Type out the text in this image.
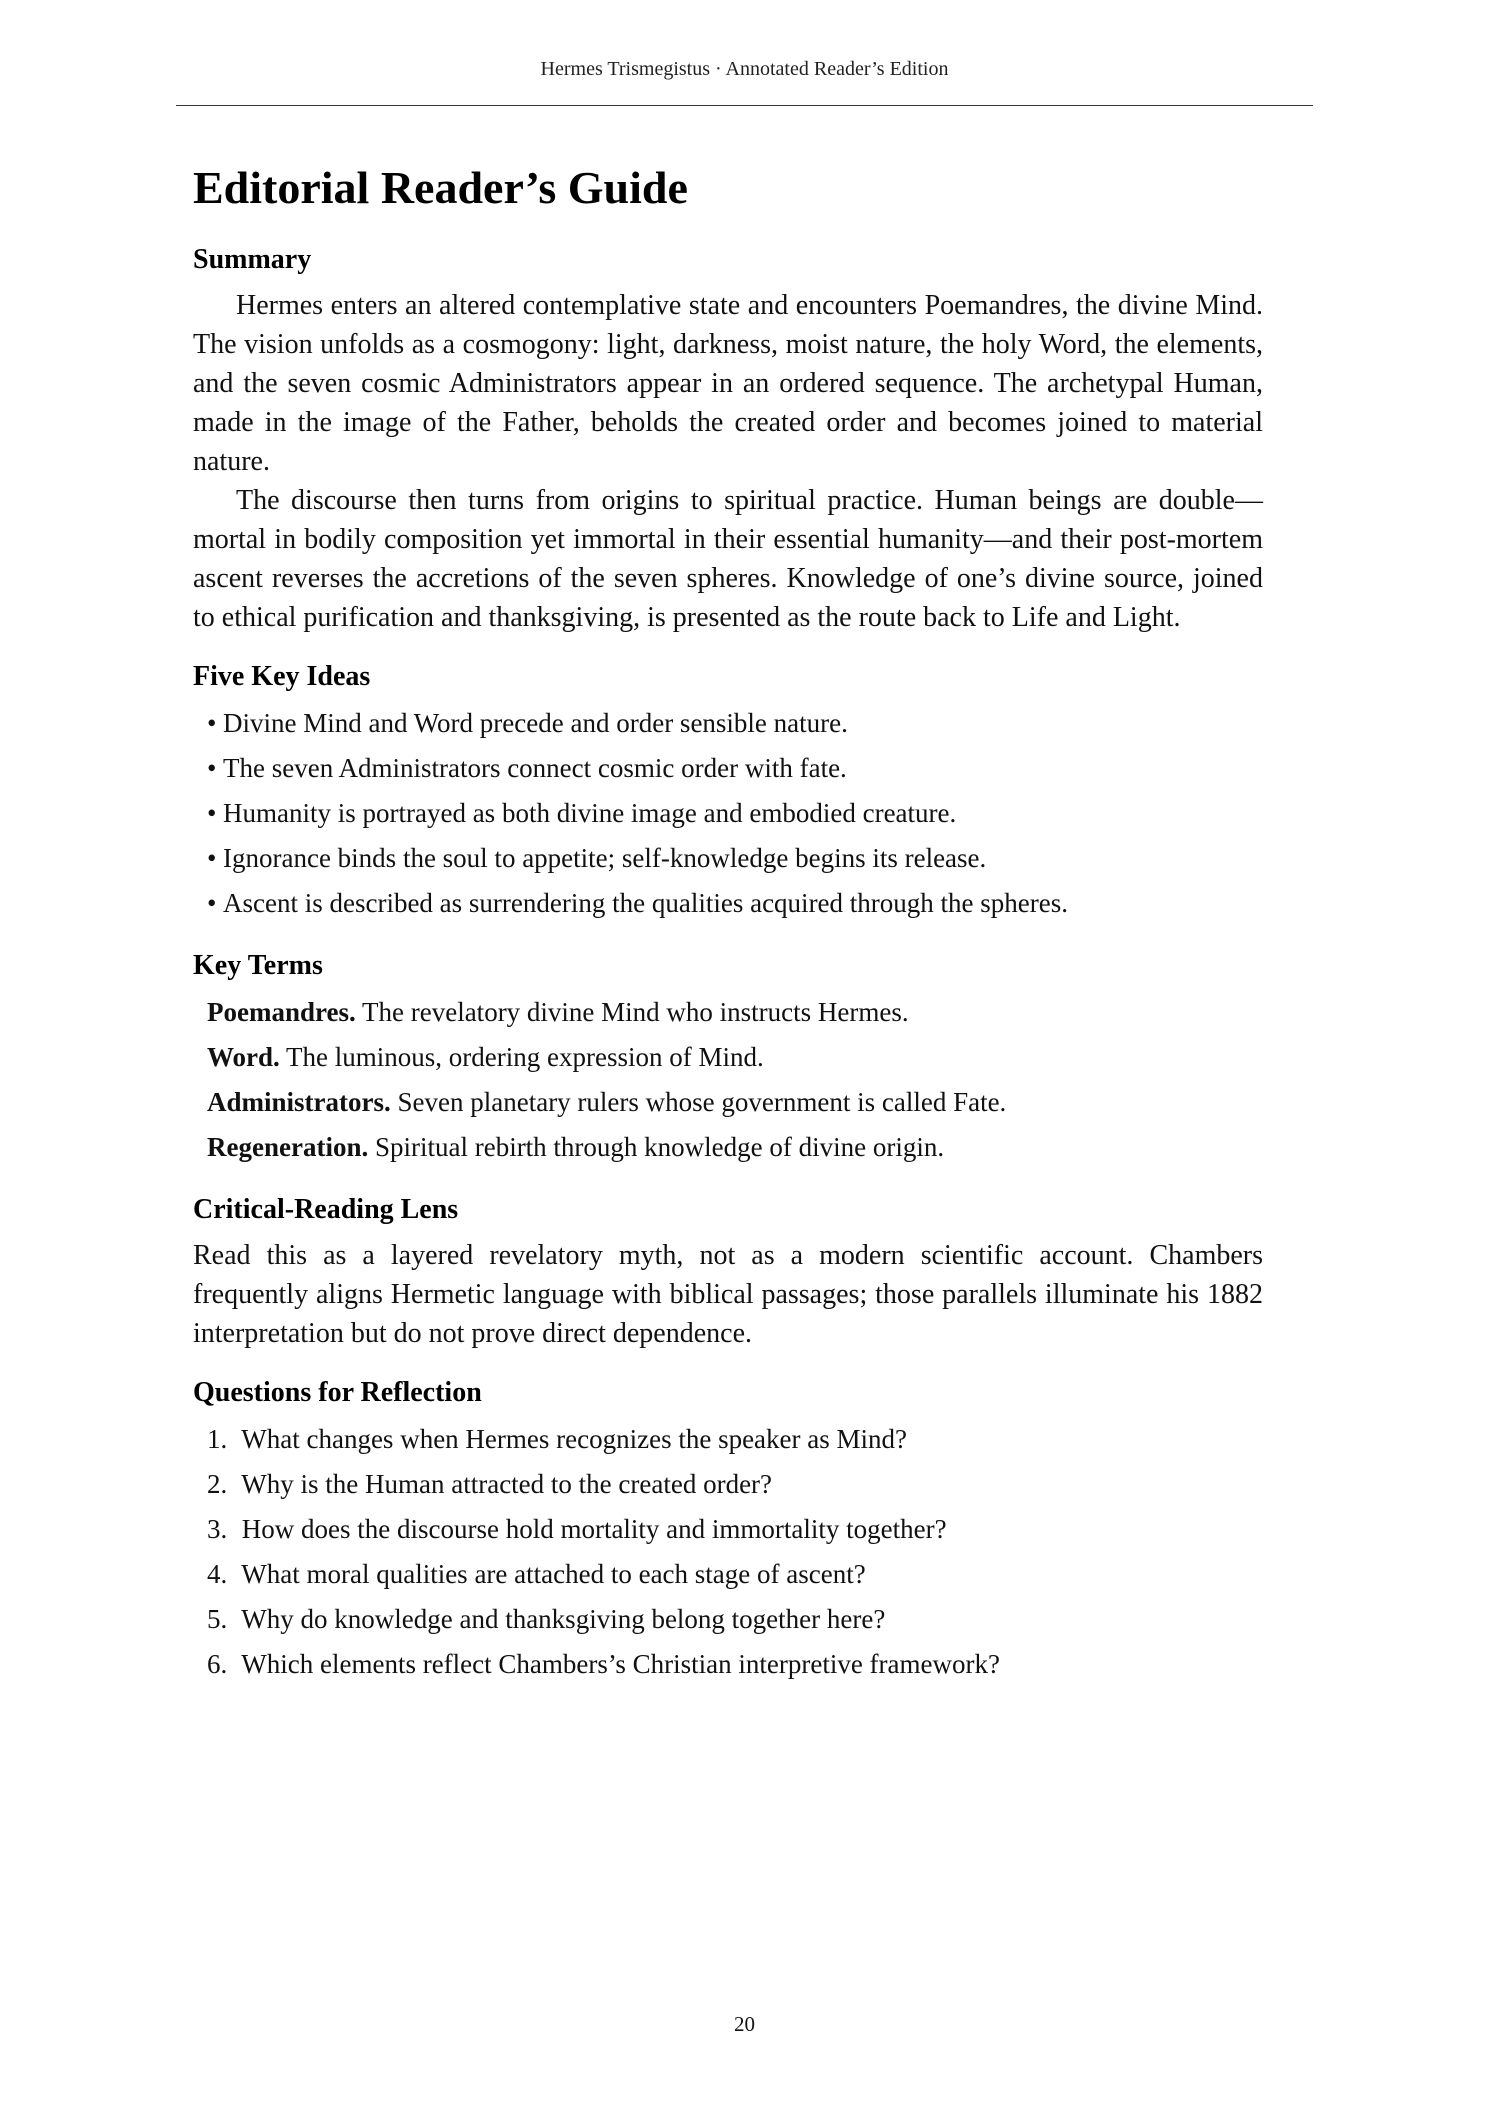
Hermes Trismegistus · Annotated Reader’s Edition
Editorial Reader’s Guide
Summary

Hermes enters an altered contemplative state and encounters Poemandres, the divine Mind. The vision unfolds as a cosmogony: light, darkness, moist nature, the holy Word, the elements, and the seven cosmic Administrators appear in an ordered sequence. The archetypal Human, made in the image of the Father, beholds the created order and becomes joined to material nature.

The discourse then turns from origins to spiritual practice. Human beings are double—mortal in bodily composition yet immortal in their essential humanity—and their post-mortem ascent reverses the accretions of the seven spheres. Knowledge of one’s divine source, joined to ethical purification and thanksgiving, is presented as the route back to Life and Light.

Five Key Ideas
• Divine Mind and Word precede and order sensible nature.
• The seven Administrators connect cosmic order with fate.
• Humanity is portrayed as both divine image and embodied creature.
• Ignorance binds the soul to appetite; self-knowledge begins its release.
• Ascent is described as surrendering the qualities acquired through the spheres.
Key Terms
Poemandres. The revelatory divine Mind who instructs Hermes.
Word. The luminous, ordering expression of Mind.
Administrators. Seven planetary rulers whose government is called Fate.
Regeneration. Spiritual rebirth through knowledge of divine origin.
Critical-Reading Lens

Read this as a layered revelatory myth, not as a modern scientific account. Chambers frequently aligns Hermetic language with biblical passages; those parallels illuminate his 1882 interpretation but do not prove direct dependence.

Questions for Reflection
1. What changes when Hermes recognizes the speaker as Mind?
2. Why is the Human attracted to the created order?
3. How does the discourse hold mortality and immortality together?
4. What moral qualities are attached to each stage of ascent?
5. Why do knowledge and thanksgiving belong together here?
6. Which elements reflect Chambers’s Christian interpretive framework?
20
